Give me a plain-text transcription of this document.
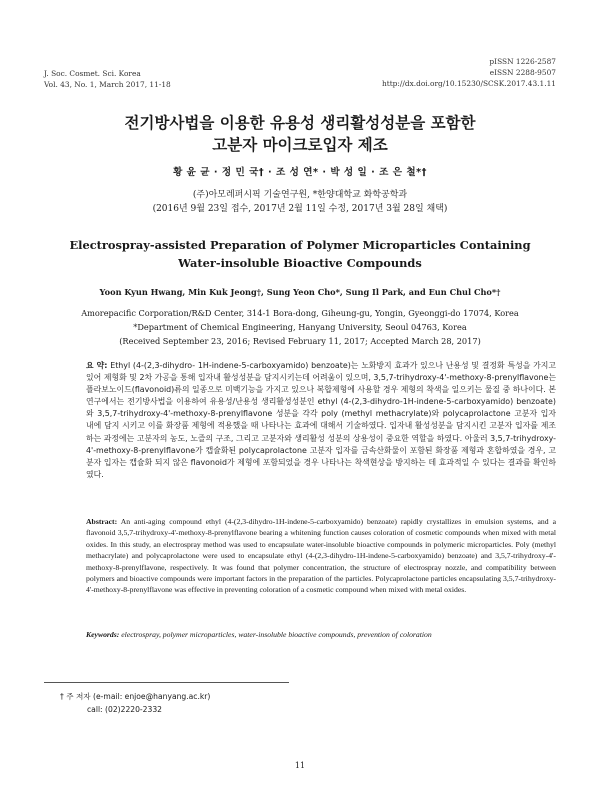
J. Soc. Cosmet. Sci. Korea
Vol. 43, No. 1, March 2017, 11-18
pISSN 1226-2587
eISSN 2288-9507
http://dx.doi.org/10.15230/SCSK.2017.43.1.11
전기방사법을 이용한 유용성 생리활성성분을 포함한
고분자 마이크로입자 제조
황 윤 균 · 정 민 국† · 조 성 연* · 박 성 일 · 조 은 철*†
(주)아모레퍼시픽 기술연구원, *한양대학교 화학공학과
(2016년 9월 23일 접수, 2017년 2월 11일 수정, 2017년 3월 28일 채택)
Electrospray-assisted Preparation of Polymer Microparticles Containing
Water-insoluble Bioactive Compounds
Yoon Kyun Hwang, Min Kuk Jeong†, Sung Yeon Cho*, Sung Il Park, and Eun Chul Cho*†
Amorepacific Corporation/R&D Center, 314-1 Bora-dong, Giheung-gu, Yongin, Gyeonggi-do 17074, Korea
*Department of Chemical Engineering, Hanyang University, Seoul 04763, Korea
(Received September 23, 2016; Revised February 11, 2017; Accepted March 28, 2017)
요 약: Ethyl (4-(2,3-dihydro- 1H-indene-5-carboxyamido) benzoate)는 노화방지 효과가 있으나 난용성 및 결정화 특성을 가지고 있어 제형화 및 2차 가공을 통해 입자내 활성성분을 담지시키는데 어려움이 있으며, 3,5,7-trihydroxy-4'-methoxy-8-prenylflavone는 플라보노이드(flavonoid)류의 일종으로 미백기능을 가지고 있으나 복합제형에 사용할 경우 제형의 착색을 일으키는 물질 중 하나이다. 본 연구에서는 전기방사법을 이용하여 유용성/난용성 생리활성성분인 ethyl (4-(2,3-dihydro-1H-indene-5-carboxyamido) benzoate)와 3,5,7-trihydroxy-4'-methoxy-8-prenylflavone 성분을 각각 poly (methyl methacrylate)와 polycaprolactone 고분자 입자 내에 담지 시키고 이를 화장품 제형에 적용했을 때 나타나는 효과에 대해서 기술하였다. 입자내 활성성분을 담지시킨 고분자 입자를 제조하는 과정에는 고분자의 농도, 노즐의 구조, 그리고 고분자와 생리활성 성분의 상용성이 중요한 역할을 하였다. 아울러 3,5,7-trihydroxy-4'-methoxy-8-prenylflavone가 캡슐화된 polycaprolactone 고분자 입자를 금속산화물이 포함된 화장품 제형과 혼합하였을 경우, 고분자 입자는 캡슐화 되지 않은 flavonoid가 제형에 포함되었을 경우 나타나는 착색현상을 방지하는 데 효과적일 수 있다는 결과를 확인하였다.
Abstract: An anti-aging compound ethyl (4-(2,3-dihydro-1H-indene-5-carboxyamido) benzoate) rapidly crystallizes in emulsion systems, and a flavonoid 3,5,7-trihydroxy-4'-methoxy-8-prenylflavone bearing a whitening function causes coloration of cosmetic compounds when mixed with metal oxides. In this study, an electrospray method was used to encapsulate water-insoluble bioactive compounds in polymeric microparticles. Poly (methyl methacrylate) and polycaprolactone were used to encapsulate ethyl (4-(2,3-dihydro-1H-indene-5-carboxyamido) benzoate) and 3,5,7-trihydroxy-4'-methoxy-8-prenylflavone, respectively. It was found that polymer concentration, the structure of electrospray nozzle, and compatibility between polymers and bioactive compounds were important factors in the preparation of the particles. Polycaprolactone particles encapsulating 3,5,7-trihydroxy-4'-methoxy-8-prenylflavone was effective in preventing coloration of a cosmetic compound when mixed with metal oxides.
Keywords: electrospray, polymer microparticles, water-insoluble bioactive compounds, prevention of coloration
† 주 저자 (e-mail: enjoe@hanyang.ac.kr)
call: (02)2220-2332
11
